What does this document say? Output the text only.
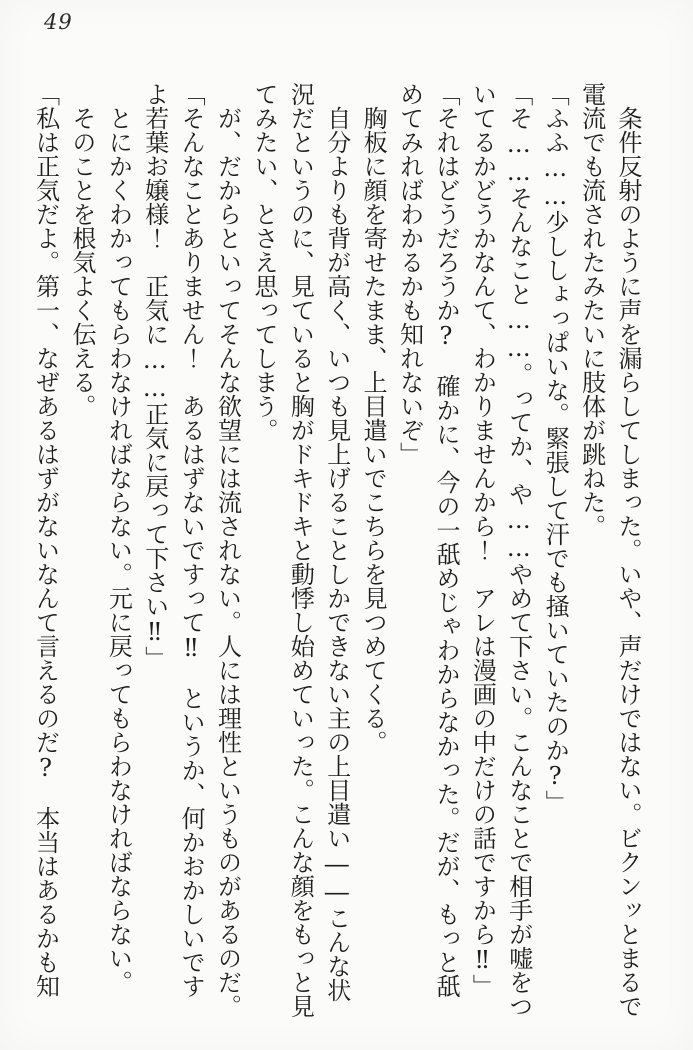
49

条件反射のように声を漏らしてしまった。いや、声だけではない。ビクンッとまるで電流でも流されたみたいに肢体が跳ねた。

「ふふ……少ししょっぱいな。緊張して汗でも掻いていたのか?」

「そ……そんなこと……。ってか、や……やめて下さい。こんなことで相手が嘘をついてるかどうかなんて、わかりませんから！　アレは漫画の中だけの話ですから‼」

「それはどうだろうか?　確かに、今の一舐めじゃわからなかった。だが、もっと舐めてみればわかるかも知れないぞ」

胸板に顔を寄せたまま、上目遣いでこちらを見つめてくる。

自分よりも背が高く、いつも見上げることしかできない主の上目遣い――こんな状況だというのに、見ていると胸がドキドキと動悸し始めていった。こんな顔をもっと見てみたい、とさえ思ってしまう。

が、だからといってそんな欲望には流されない。人には理性というものがあるのだ。

「そんなことありません！　あるはずないですって‼　というか、何かおかしいですよ若葉お嬢様！　正気に……正気に戻って下さい‼」

とにかくわかってもらわなければならない。元に戻ってもらわなければならない。

そのことを根気よく伝える。

「私は正気だよ。第一、なぜあるはずがないなんて言えるのだ?　本当はあるかも知
